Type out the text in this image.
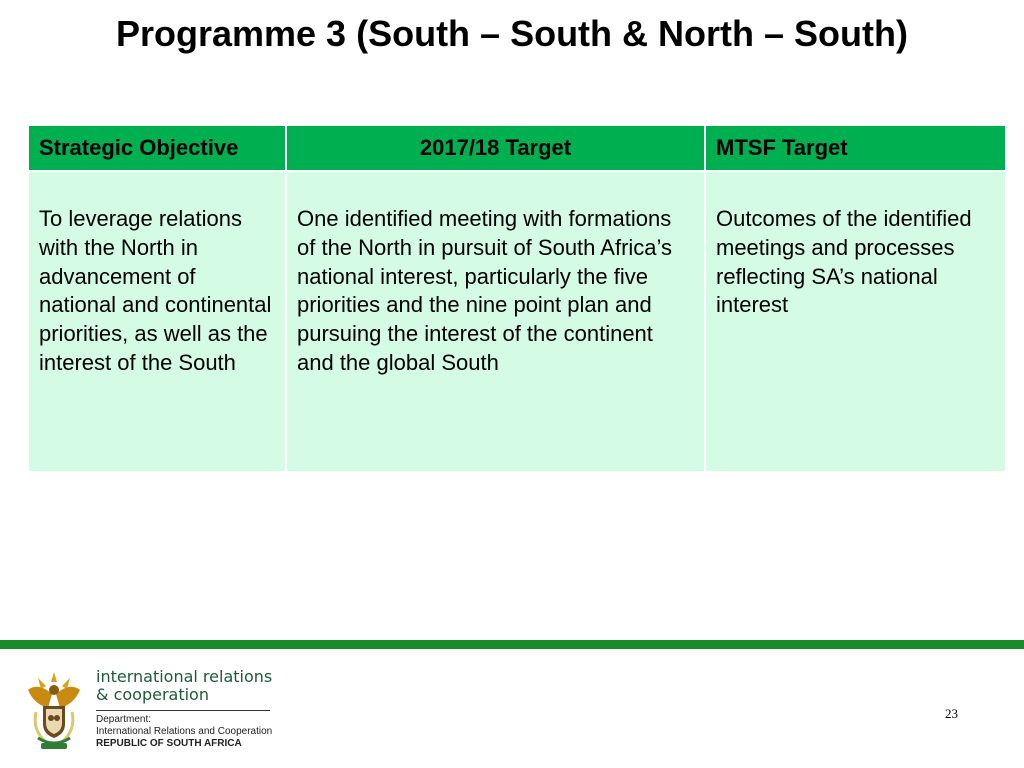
Programme 3 (South – South & North – South)
Strategic Objective	2017/18 Target	MTSF Target
To leverage relations with the North in advancement of national and continental priorities, as well as the interest of the South	One identified meeting with formations of the North in pursuit of South Africa’s national interest, particularly the five priorities and the nine point plan and pursuing the interest of the continent and the global South	Outcomes of the identified meetings and processes reflecting SA’s national interest
international relations
& cooperation
Department:
International Relations and Cooperation
REPUBLIC OF SOUTH AFRICA
23
